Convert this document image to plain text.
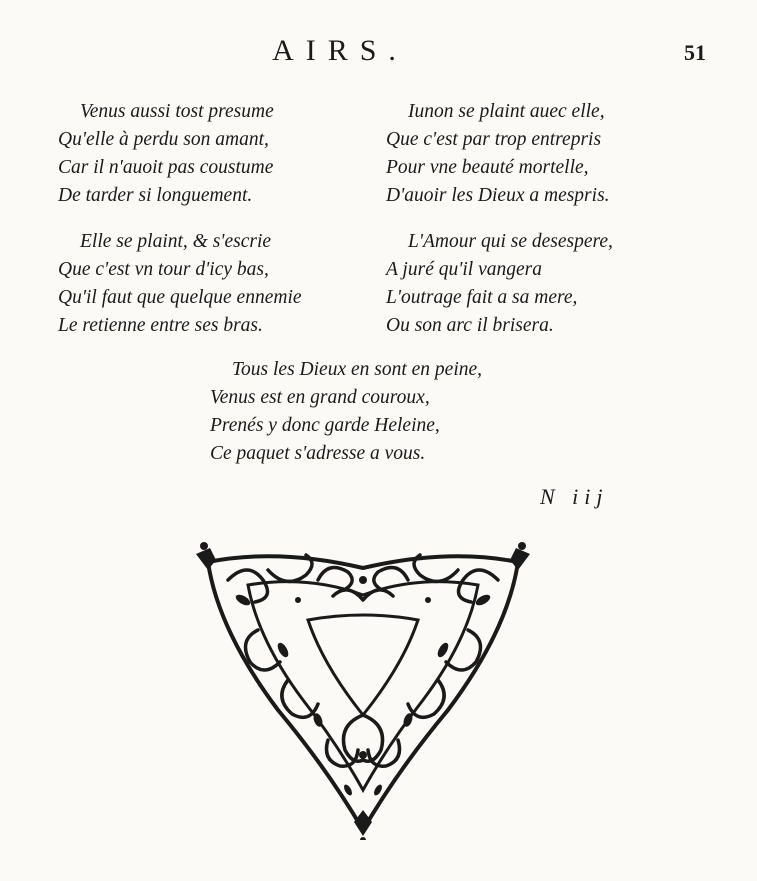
AIRS.	51
Venus aussi tost presume
Qu'elle à perdu son amant,
Car il n'auoit pas coustume
De tarder si longuement.
Iunon se plaint auec elle,
Que c'est par trop entrepris
Pour vne beauté mortelle,
D'auoir les Dieux a mespris.
Elle se plaint, & s'escrie
Que c'est vn tour d'icy bas,
Qu'il faut que quelque ennemie
Le retienne entre ses bras.
L'Amour qui se desespere,
A juré qu'il vangera
L'outrage fait a sa mere,
Ou son arc il brisera.
Tous les Dieux en sont en peine,
Venus est en grand couroux,
Prenés y donc garde Heleine,
Ce paquet s'adresse a vous.
N iij
